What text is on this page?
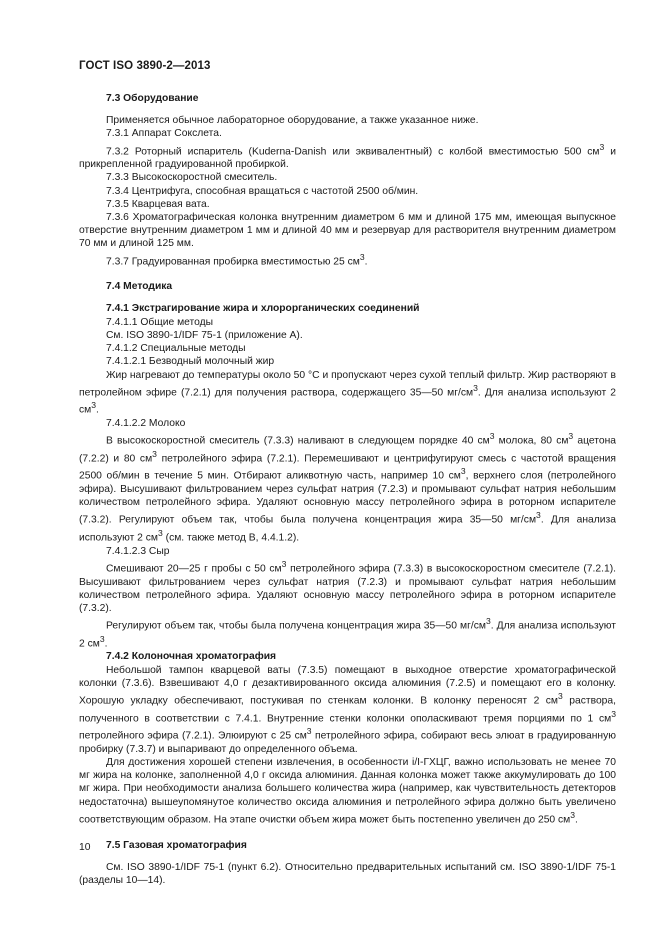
ГОСТ ISO 3890-2—2013

7.3 Оборудование

Применяется обычное лабораторное оборудование, а также указанное ниже.

7.3.1 Аппарат Сокслета.

7.3.2 Роторный испаритель (Kuderna-Danish или эквивалентный) с колбой вместимостью 500 $см^3$ и прикрепленной градуированной пробиркой.

7.3.3 Высокоскоростной смеситель.

7.3.4 Центрифуга, способная вращаться с частотой 2500 об/мин.

7.3.5 Кварцевая вата.

7.3.6 Хроматографическая колонка внутренним диаметром 6 мм и длиной 175 мм, имеющая выпускное отверстие внутренним диаметром 1 мм и длиной 40 мм и резервуар для растворителя внутренним диаметром 70 мм и длиной 125 мм.

7.3.7 Градуированная пробирка вместимостью 25 $см^3$.

7.4 Методика

7.4.1 Экстрагирование жира и хлорорганических соединений

7.4.1.1 Общие методы

См. ISO 3890-1/IDF 75-1 (приложение А).

7.4.1.2 Специальные методы

7.4.1.2.1 Безводный молочный жир

Жир нагревают до температуры около 50 °С и пропускают через сухой теплый фильтр. Жир растворяют в петролейном эфире (7.2.1) для получения раствора, содержащего 35—50 $мг/см^3$. Для анализа используют 2 $см^3$.

7.4.1.2.2 Молоко

В высокоскоростной смеситель (7.3.3) наливают в следующем порядке 40 $см^3$ молока, 80 $см^3$ ацетона (7.2.2) и 80 $см^3$ петролейного эфира (7.2.1). Перемешивают и центрифугируют смесь с частотой вращения 2500 об/мин в течение 5 мин. Отбирают аликвотную часть, например 10 $см^3$, верхнего слоя (петролейного эфира). Высушивают фильтрованием через сульфат натрия (7.2.3) и промывают сульфат натрия небольшим количеством петролейного эфира. Удаляют основную массу петролейного эфира в роторном испарителе (7.3.2). Регулируют объем так, чтобы была получена концентрация жира 35—50 $мг/см^3$. Для анализа используют 2 $см^3$ (см. также метод В, 4.4.1.2).

7.4.1.2.3 Сыр

Смешивают 20—25 г пробы с 50 $см^3$ петролейного эфира (7.3.3) в высокоскоростном смесителе (7.2.1). Высушивают фильтрованием через сульфат натрия (7.2.3) и промывают сульфат натрия небольшим количеством петролейного эфира. Удаляют основную массу петролейного эфира в роторном испарителе (7.3.2).

Регулируют объем так, чтобы была получена концентрация жира 35—50 $мг/см^3$. Для анализа используют 2 $см^3$.

7.4.2 Колоночная хроматография

Небольшой тампон кварцевой ваты (7.3.5) помещают в выходное отверстие хроматографической колонки (7.3.6). Взвешивают 4,0 г дезактивированного оксида алюминия (7.2.5) и помещают его в колонку. Хорошую укладку обеспечивают, постукивая по стенкам колонки. В колонку переносят 2 $см^3$ раствора, полученного в соответствии с 7.4.1. Внутренние стенки колонки ополаскивают тремя порциями по 1 $см^3$ петролейного эфира (7.2.1). Элюируют с 25 $см^3$ петролейного эфира, собирают весь элюат в градуированную пробирку (7.3.7) и выпаривают до определенного объема.

Для достижения хорошей степени извлечения, в особенности i/I-ГХЦГ, важно использовать не менее 70 мг жира на колонке, заполненной 4,0 г оксида алюминия. Данная колонка может также аккумулировать до 100 мг жира. При необходимости анализа большего количества жира (например, как чувствительность детекторов недостаточна) вышеупомянутое количество оксида алюминия и петролейного эфира должно быть увеличено соответствующим образом. На этапе очистки объем жира может быть постепенно увеличен до 250 $см^3$.

7.5 Газовая хроматография

См. ISO 3890-1/IDF 75-1 (пункт 6.2). Относительно предварительных испытаний см. ISO 3890-1/IDF 75-1 (разделы 10—14).

10
